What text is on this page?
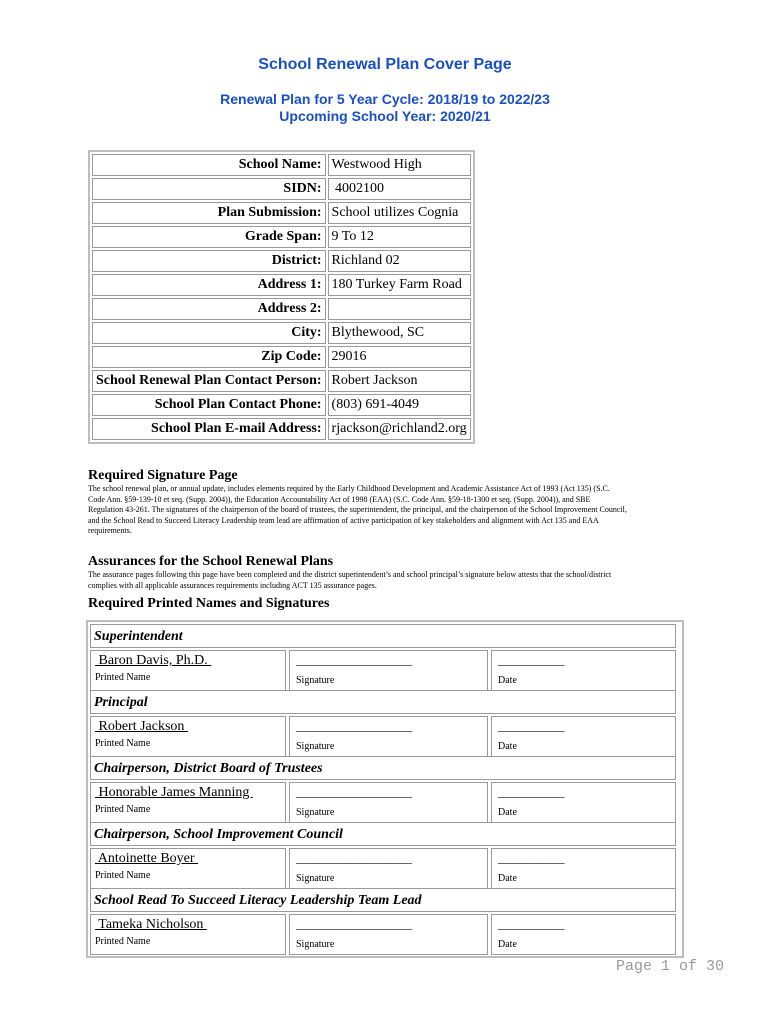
School Renewal Plan Cover Page
Renewal Plan for 5 Year Cycle: 2018/19 to 2022/23
Upcoming School Year: 2020/21
School Name:	Westwood High
SIDN:	4002100
Plan Submission:	School utilizes Cognia
Grade Span:	9 To 12
District:	Richland 02
Address 1:	180 Turkey Farm Road
Address 2:	
City:	Blythewood, SC
Zip Code:	29016
School Renewal Plan Contact Person:	Robert Jackson
School Plan Contact Phone:	(803) 691-4049
School Plan E-mail Address:	rjackson@richland2.org
Required Signature Page
The school renewal plan, or annual update, includes elements required by the Early Childhood Development and Academic Assistance Act of 1993 (Act 135) (S.C.
Code Ann. §59-139-10 et seq. (Supp. 2004)), the Education Accountability Act of 1998 (EAA) (S.C. Code Ann. §59-18-1300 et seq. (Supp. 2004)), and SBE
Regulation 43-261. The signatures of the chairperson of the board of trustees, the superintendent, the principal, and the chairperson of the School Improvement Council,
and the School Read to Succeed Literacy Leadership team lead are affirmation of active participation of key stakeholders and alignment with Act 135 and EAA
requirements.
Assurances for the School Renewal Plans
The assurance pages following this page have been completed and the district superintendent’s and school principal’s signature below attests that the school/district
complies with all applicable assurances requirements including ACT 135 assurance pages.
Required Printed Names and Signatures
Superintendent
Baron Davis, Ph.D.
Printed Name
_____________________
Signature
____________
Date
Principal
Robert Jackson
Printed Name
_____________________
Signature
____________
Date
Chairperson, District Board of Trustees
Honorable James Manning
Printed Name
_____________________
Signature
____________
Date
Chairperson, School Improvement Council
Antoinette Boyer
Printed Name
_____________________
Signature
____________
Date
School Read To Succeed Literacy Leadership Team Lead
Tameka Nicholson
Printed Name
_____________________
Signature
____________
Date
Page 1 of 30
